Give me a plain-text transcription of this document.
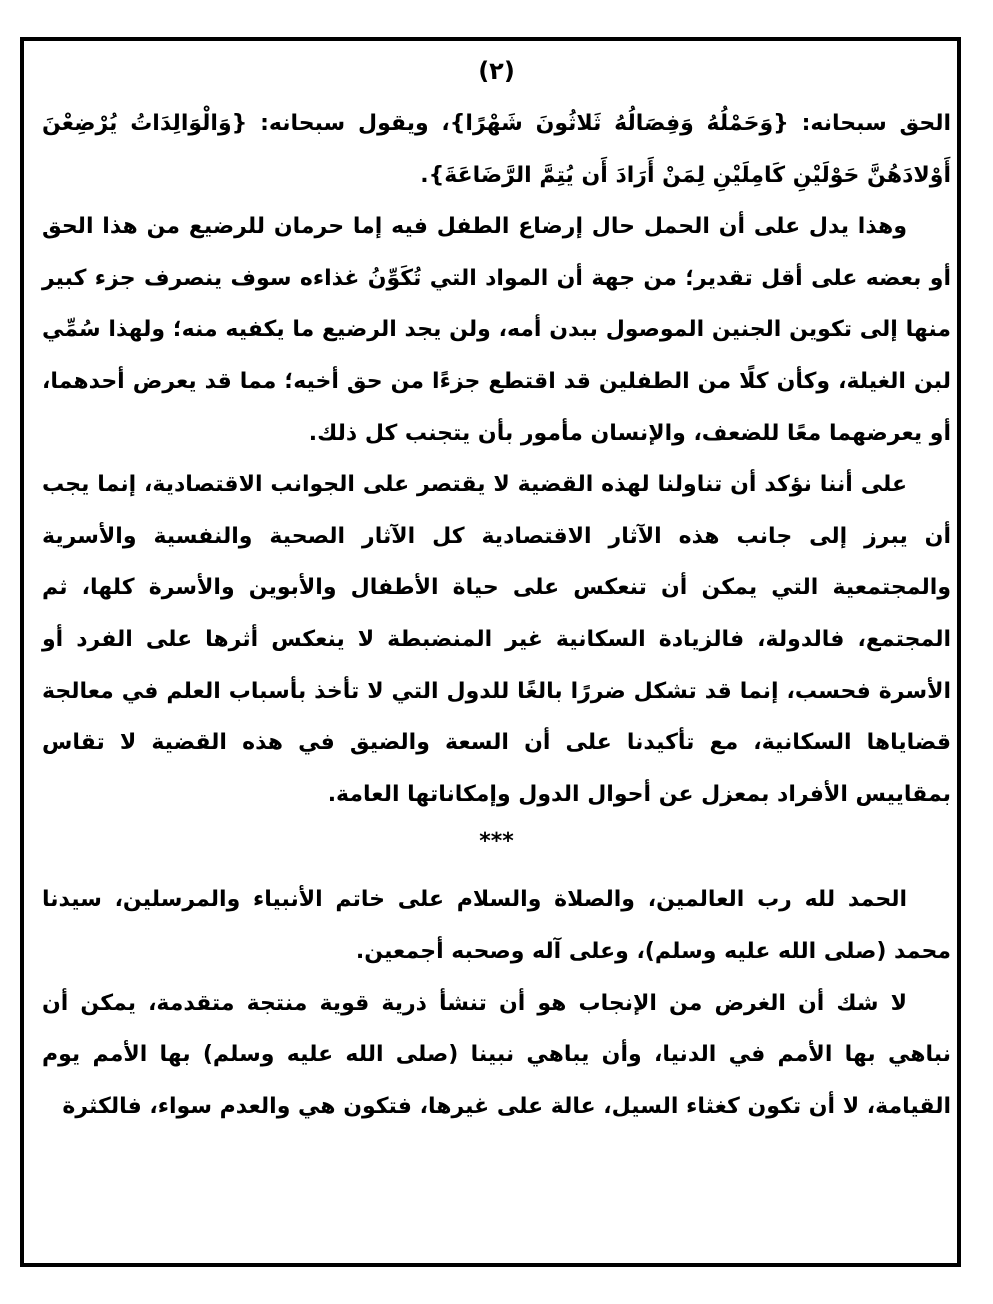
(٢)

الحق سبحانه: {وَحَمْلُهُ وَفِصَالُهُ ثَلاثُونَ شَهْرًا}، ويقول سبحانه: {وَالْوَالِدَاتُ يُرْضِعْنَ أَوْلادَهُنَّ حَوْلَيْنِ كَامِلَيْنِ لِمَنْ أَرَادَ أَن يُتِمَّ الرَّضَاعَةَ}.

وهذا يدل على أن الحمل حال إرضاع الطفل فيه إما حرمان للرضيع من هذا الحق أو بعضه على أقل تقدير؛ من جهة أن المواد التي تُكَوِّنُ غذاءه سوف ينصرف جزء كبير منها إلى تكوين الجنين الموصول ببدن أمه، ولن يجد الرضيع ما يكفيه منه؛ ولهذا سُمِّي لبن الغيلة، وكأن كلًا من الطفلين قد اقتطع جزءًا من حق أخيه؛ مما قد يعرض أحدهما، أو يعرضهما معًا للضعف، والإنسان مأمور بأن يتجنب كل ذلك.

على أننا نؤكد أن تناولنا لهذه القضية لا يقتصر على الجوانب الاقتصادية، إنما يجب أن يبرز إلى جانب هذه الآثار الاقتصادية كل الآثار الصحية والنفسية والأسرية والمجتمعية التي يمكن أن تنعكس على حياة الأطفال والأبوين والأسرة كلها، ثم المجتمع، فالدولة، فالزيادة السكانية غير المنضبطة لا ينعكس أثرها على الفرد أو الأسرة فحسب، إنما قد تشكل ضررًا بالغًا للدول التي لا تأخذ بأسباب العلم في معالجة قضاياها السكانية، مع تأكيدنا على أن السعة والضيق في هذه القضية لا تقاس بمقاييس الأفراد بمعزل عن أحوال الدول وإمكاناتها العامة.

***

الحمد لله رب العالمين، والصلاة والسلام على خاتم الأنبياء والمرسلين، سيدنا محمد (صلى الله عليه وسلم)، وعلى آله وصحبه أجمعين.

لا شك أن الغرض من الإنجاب هو أن تنشأ ذرية قوية منتجة متقدمة، يمكن أن نباهي بها الأمم في الدنيا، وأن يباهي نبينا (صلى الله عليه وسلم) بها الأمم يوم القيامة، لا أن تكون كغثاء السيل، عالة على غيرها، فتكون هي والعدم سواء، فالكثرة
